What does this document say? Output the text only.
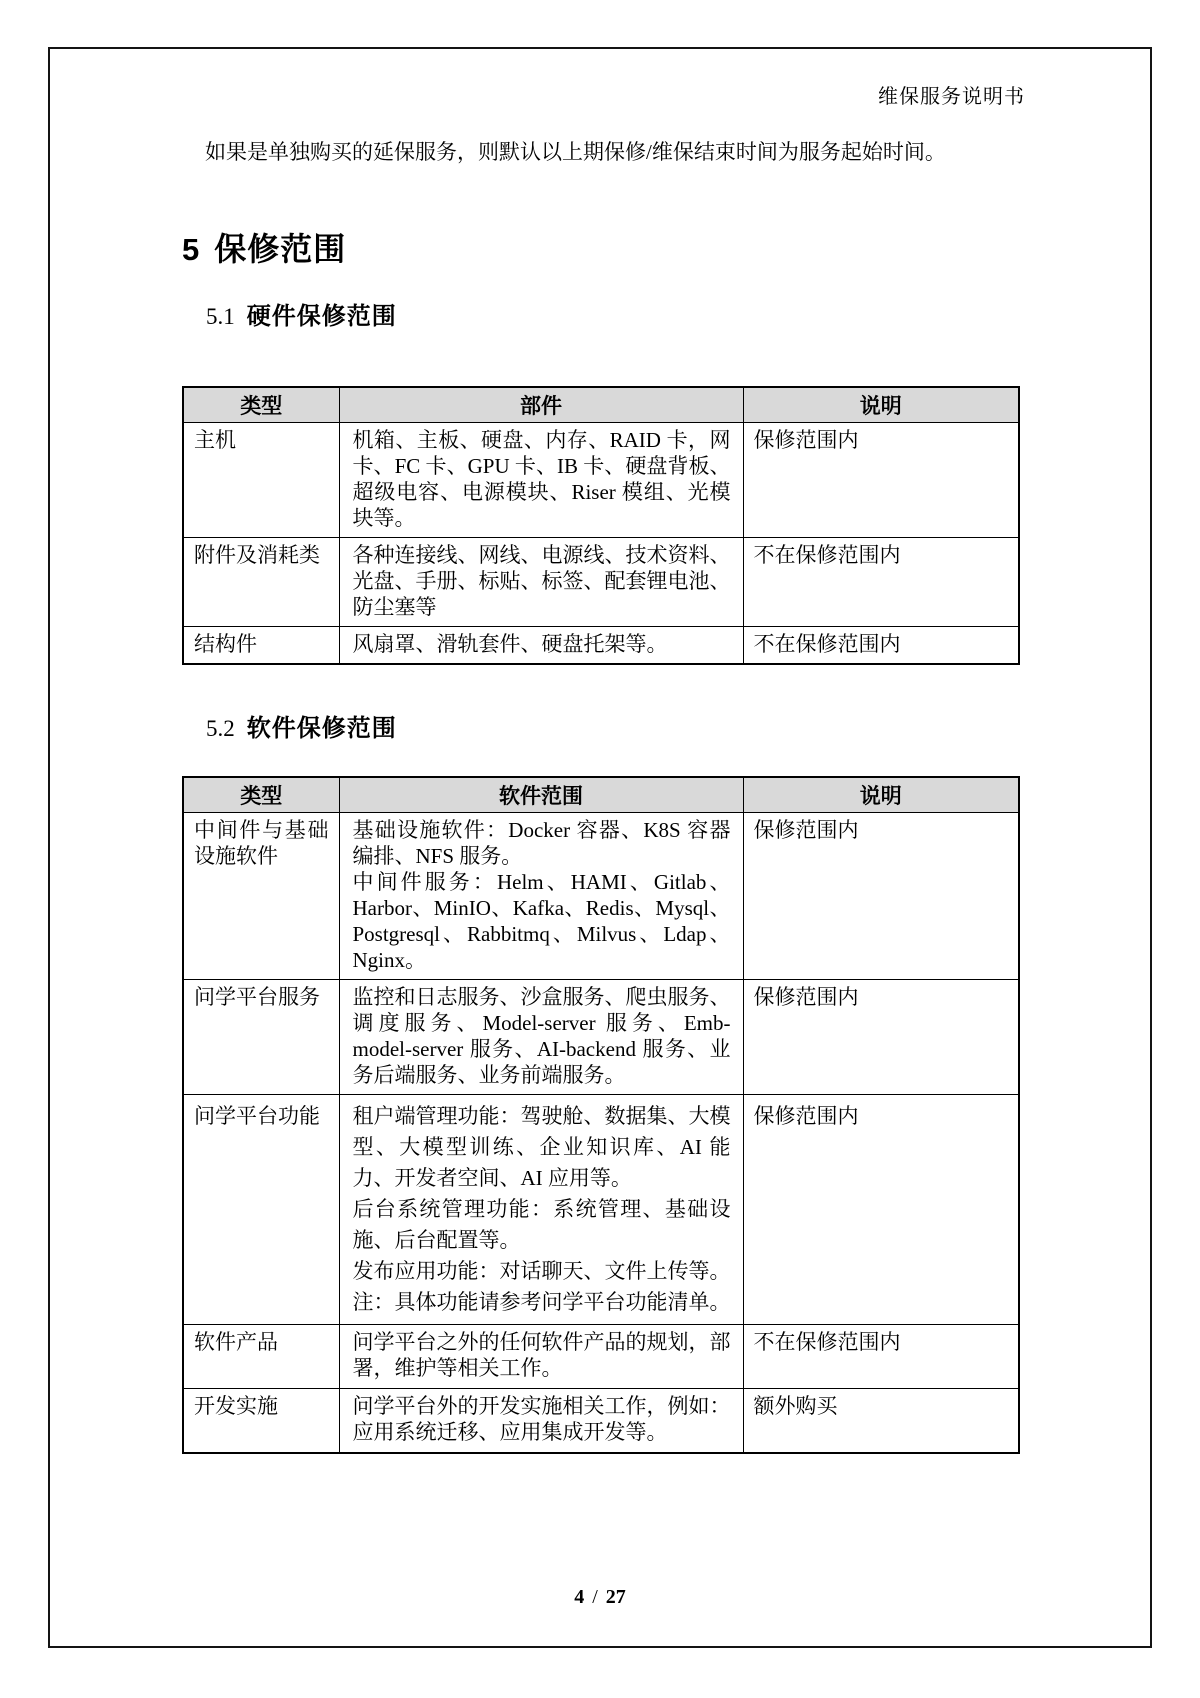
维保服务说明书

如果是单独购买的延保服务，则默认以上期保修/维保结束时间为服务起始时间。

5 保修范围
5.1 硬件保修范围
类型	部件	说明
主机	机箱、主板、硬盘、内存、RAID 卡，网卡、FC 卡、GPU 卡、IB 卡、硬盘背板、超级电容、电源模块、Riser 模组、光模块等。	保修范围内
附件及消耗类	各种连接线、网线、电源线、技术资料、光盘、手册、标贴、标签、配套锂电池、防尘塞等	不在保修范围内
结构件	风扇罩、滑轨套件、硬盘托架等。	不在保修范围内
5.2 软件保修范围
类型	软件范围	说明
中间件与基础设施软件	基础设施软件：Docker 容器、K8S 容器编排、NFS 服务。
中间件服务：Helm、HAMI、Gitlab、Harbor、MinIO、Kafka、Redis、Mysql、Postgresql、Rabbitmq、Milvus、Ldap、Nginx。	保修范围内
问学平台服务	监控和日志服务、沙盒服务、爬虫服务、调度服务、Model-server 服务、Emb-model-server 服务、AI-backend 服务、业务后端服务、业务前端服务。	保修范围内
问学平台功能	租户端管理功能：驾驶舱、数据集、大模型、大模型训练、企业知识库、AI 能力、开发者空间、AI 应用等。
后台系统管理功能：系统管理、基础设施、后台配置等。
发布应用功能：对话聊天、文件上传等。
注：具体功能请参考问学平台功能清单。	保修范围内
软件产品	问学平台之外的任何软件产品的规划，部署，维护等相关工作。	不在保修范围内
开发实施	问学平台外的开发实施相关工作，例如：应用系统迁移、应用集成开发等。	额外购买
4 / 27
